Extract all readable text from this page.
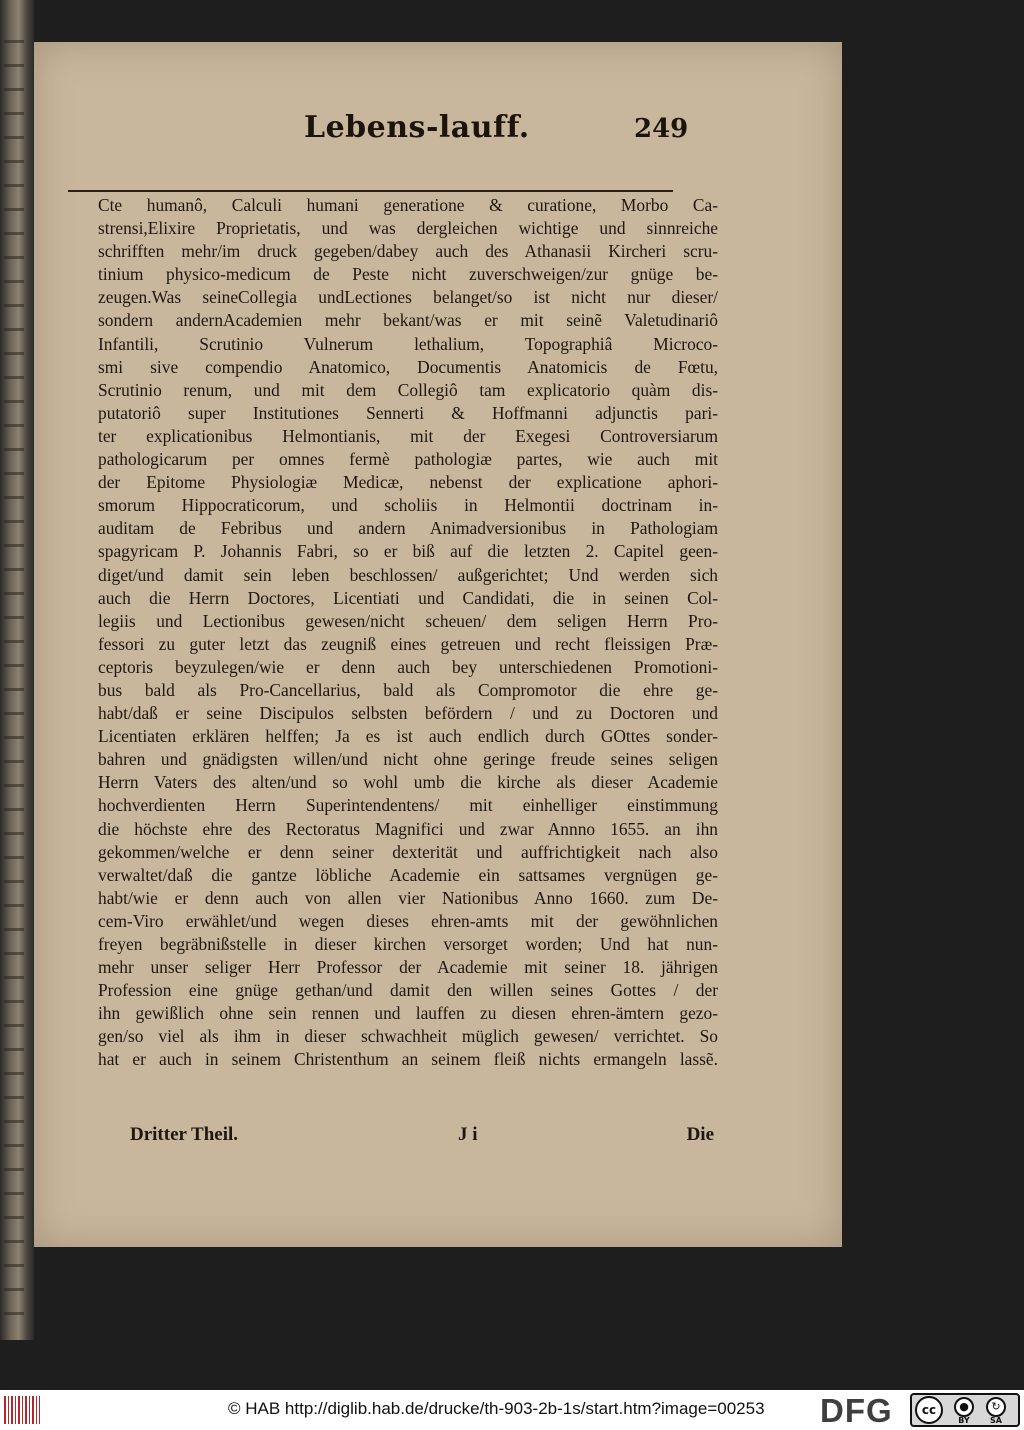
Lebens-lauff.	249
Cte humanô, Calculi humani generatione & curatione, Morbo Ca-
strensi,Elixire Proprietatis, und was dergleichen wichtige und sinnreiche
schrifften mehr/im druck gegeben/dabey auch des Athanasii Kircheri scru-
tinium physico-medicum de Peste nicht zuverschweigen/zur gnüge be-
zeugen.Was seineCollegia undLectiones belanget/so ist nicht nur dieser/
sondern andernAcademien mehr bekant/was er mit seinẽ Valetudinariô
Infantili, Scrutinio Vulnerum lethalium, Topographiâ Microco-
smi sive compendio Anatomico, Documentis Anatomicis de Fœtu,
Scrutinio renum, und mit dem Collegiô tam explicatorio quàm dis-
putatoriô super Institutiones Sennerti & Hoffmanni adjunctis pari-
ter explicationibus Helmontianis, mit der Exegesi Controversiarum
pathologicarum per omnes fermè pathologiæ partes, wie auch mit
der Epitome Physiologiæ Medicæ, nebenst der explicatione aphori-
smorum Hippocraticorum, und scholiis in Helmontii doctrinam in-
auditam de Febribus und andern Animadversionibus in Pathologiam
spagyricam P. Johannis Fabri, so er biß auf die letzten 2. Capitel geen-
diget/und damit sein leben beschlossen/ außgerichtet; Und werden sich
auch die Herrn Doctores, Licentiati und Candidati, die in seinen Col-
legiis und Lectionibus gewesen/nicht scheuen/ dem seligen Herrn Pro-
fessori zu guter letzt das zeugniß eines getreuen und recht fleissigen Præ-
ceptoris beyzulegen/wie er denn auch bey unterschiedenen Promotioni-
bus bald als Pro-Cancellarius, bald als Compromotor die ehre ge-
habt/daß er seine Discipulos selbsten befördern / und zu Doctoren und
Licentiaten erklären helffen; Ja es ist auch endlich durch GOttes sonder-
bahren und gnädigsten willen/und nicht ohne geringe freude seines seligen
Herrn Vaters des alten/und so wohl umb die kirche als dieser Academie
hochverdienten Herrn Superintendentens/ mit einhelliger einstimmung
die höchste ehre des Rectoratus Magnifici und zwar Annno 1655. an ihn
gekommen/welche er denn seiner dexterität und auffrichtigkeit nach also
verwaltet/daß die gantze löbliche Academie ein sattsames vergnügen ge-
habt/wie er denn auch von allen vier Nationibus Anno 1660. zum De-
cem-Viro erwählet/und wegen dieses ehren-amts mit der gewöhnlichen
freyen begräbnißstelle in dieser kirchen versorget worden; Und hat nun-
mehr unser seliger Herr Professor der Academie mit seiner 18. jährigen
Profession eine gnüge gethan/und damit den willen seines Gottes / der
ihn gewißlich ohne sein rennen und lauffen zu diesen ehren-ämtern gezo-
gen/so viel als ihm in dieser schwachheit müglich gewesen/ verrichtet. So
hat er auch in seinem Christenthum an seinem fleiß nichts ermangeln lassẽ.
Dritter Theil.	J i	Die
© HAB http://diglib.hab.de/drucke/th-903-2b-1s/start.htm?image=00253 DFG	cc	●
BY
↻
SA
